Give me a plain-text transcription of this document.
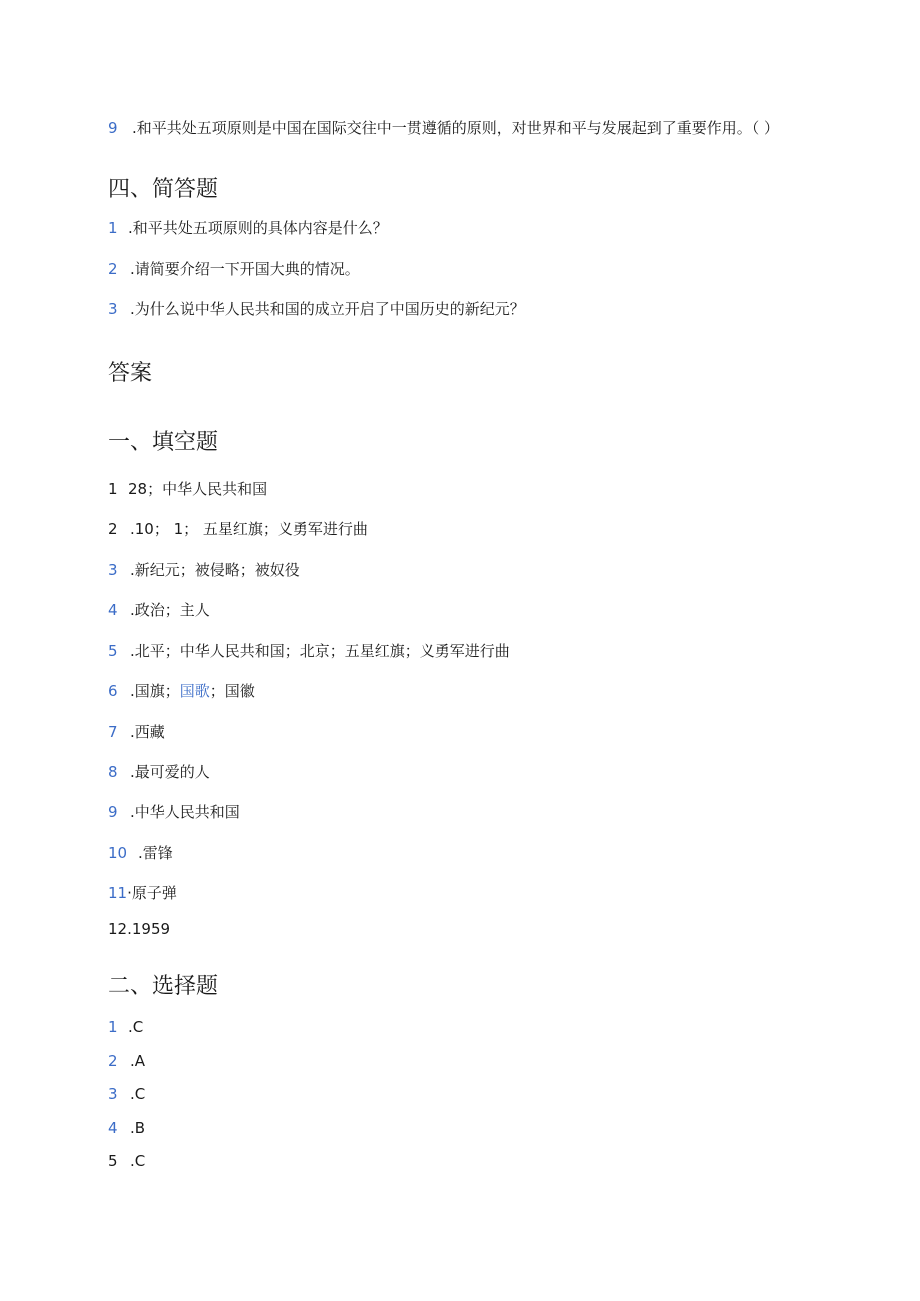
9 .和平共处五项原则是中国在国际交往中一贯遵循的原则，对世界和平与发展起到了重要作用。（ ）
四、简答题
1 .和平共处五项原则的具体内容是什么？
2 .请简要介绍一下开国大典的情况。
3 .为什么说中华人民共和国的成立开启了中国历史的新纪元？
答案
一、填空题
1 28；中华人民共和国
2 .10； 1； 五星红旗；义勇军进行曲
3 .新纪元；被侵略；被奴役
4 .政治；主人
5 .北平；中华人民共和国；北京；五星红旗；义勇军进行曲
6 .国旗；国歌；国徽
7 .西藏
8 .最可爱的人
9 .中华人民共和国
10 .雷锋
11·原子弹
12.1959
二、选择题
1 .C
2 .A
3 .C
4 .B
5 .C
